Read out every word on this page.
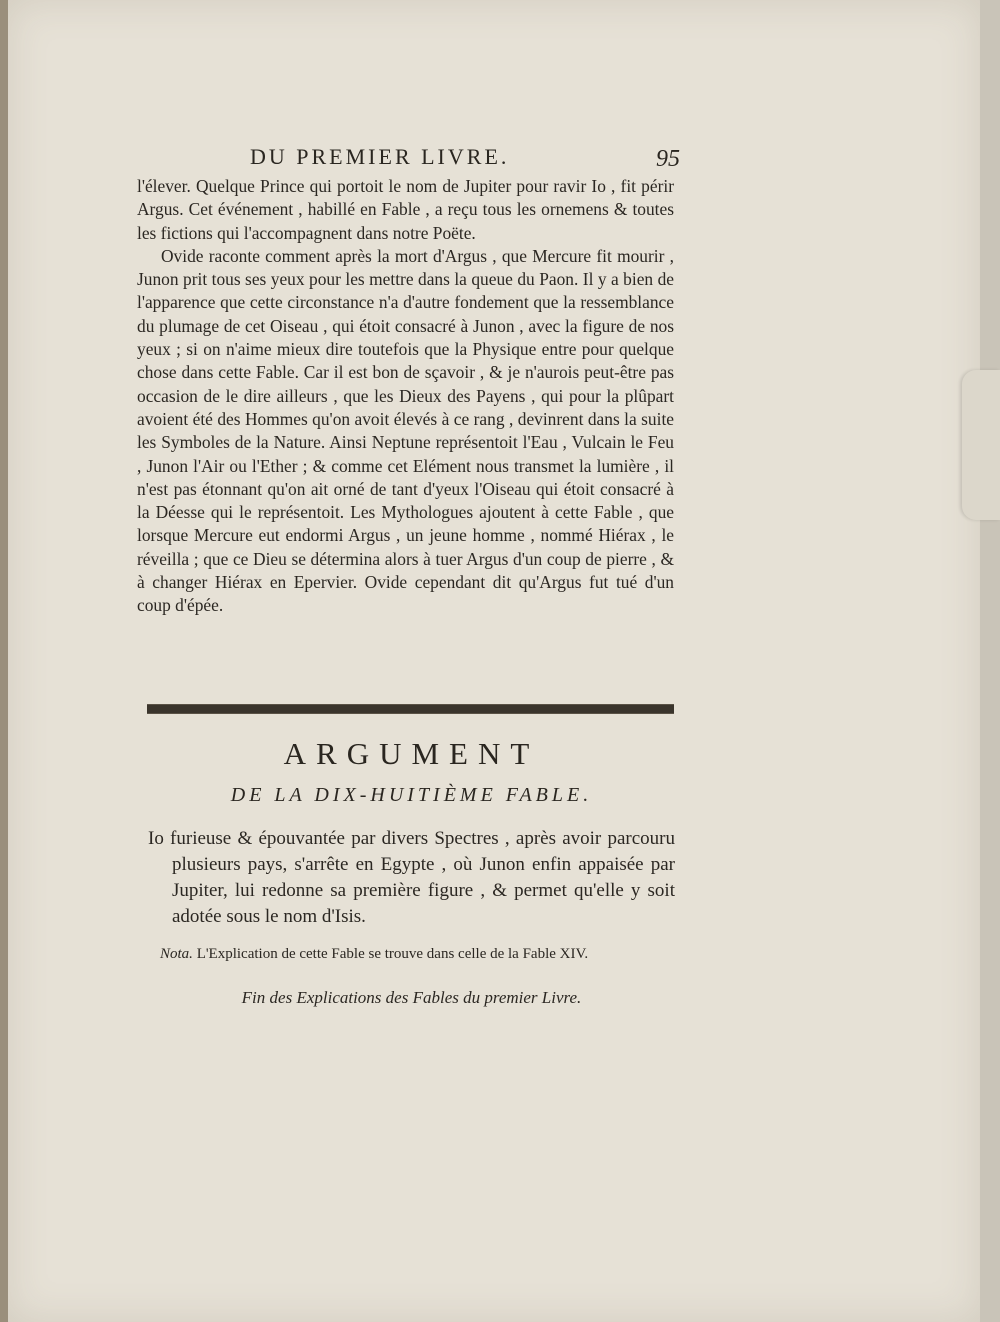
DU PREMIER LIVRE.	95

l'élever. Quelque Prince qui portoit le nom de Jupiter pour ravir Io , fit périr Argus. Cet événement , habillé en Fable , a reçu tous les ornemens & toutes les fictions qui l'accompagnent dans notre Poëte.

Ovide raconte comment après la mort d'Argus , que Mercure fit mourir , Junon prit tous ses yeux pour les mettre dans la queue du Paon. Il y a bien de l'apparence que cette circonstance n'a d'autre fondement que la ressemblance du plumage de cet Oiseau , qui étoit consacré à Junon , avec la figure de nos yeux ; si on n'aime mieux dire toutefois que la Physique entre pour quelque chose dans cette Fable. Car il est bon de sçavoir , & je n'aurois peut-être pas occasion de le dire ailleurs , que les Dieux des Payens , qui pour la plûpart avoient été des Hommes qu'on avoit élevés à ce rang , devinrent dans la suite les Symboles de la Nature. Ainsi Neptune représentoit l'Eau , Vulcain le Feu , Junon l'Air ou l'Ether ; & comme cet Elément nous transmet la lumière , il n'est pas étonnant qu'on ait orné de tant d'yeux l'Oiseau qui étoit consacré à la Déesse qui le représentoit. Les Mythologues ajoutent à cette Fable , que lorsque Mercure eut endormi Argus , un jeune homme , nommé Hiérax , le réveilla ; que ce Dieu se détermina alors à tuer Argus d'un coup de pierre , & à changer Hiérax en Epervier. Ovide cependant dit qu'Argus fut tué d'un coup d'épée.

ARGUMENT
DE LA DIX-HUITIÈME FABLE.

Io furieuse & épouvantée par divers Spectres , après avoir parcouru plusieurs pays, s'arrête en Egypte , où Junon enfin appaisée par Jupiter, lui redonne sa première figure , & permet qu'elle y soit adotée sous le nom d'Isis.

Nota. L'Explication de cette Fable se trouve dans celle de la Fable XIV.
Fin des Explications des Fables du premier Livre.
